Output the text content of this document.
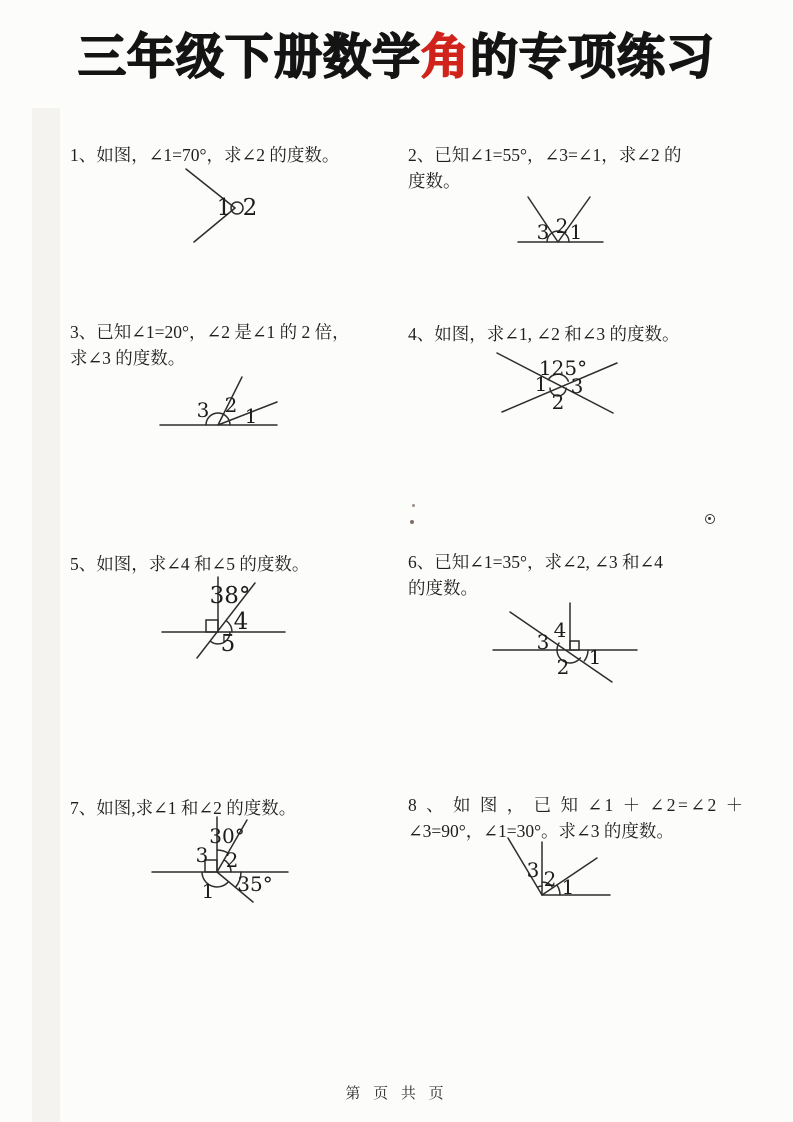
三年级下册数学角的专项练习
1、如图，∠1=70°，求∠2 的度数。
1 2
2、已知∠1=55°，∠3=∠1，求∠2 的
度数。
3 2 1
3、已知∠1=20°，∠2 是∠1 的 2 倍，
求∠3 的度数。
3 2 1
4、如图，求∠1, ∠2 和∠3 的度数。
125°
1 3
2
5、如图，求∠4 和∠5 的度数。
38°
4
5
6、已知∠1=35°，求∠2, ∠3 和∠4
的度数。
4
3
2 1
7、如图,求∠1 和∠2 的度数。
30°
3 2
35°
1
8 、 如 图 ， 已 知 ∠1 ＋ ∠2=∠2 ＋
∠3=90°，∠1=30°。求∠3 的度数。
3 2 1
第 页 共 页
